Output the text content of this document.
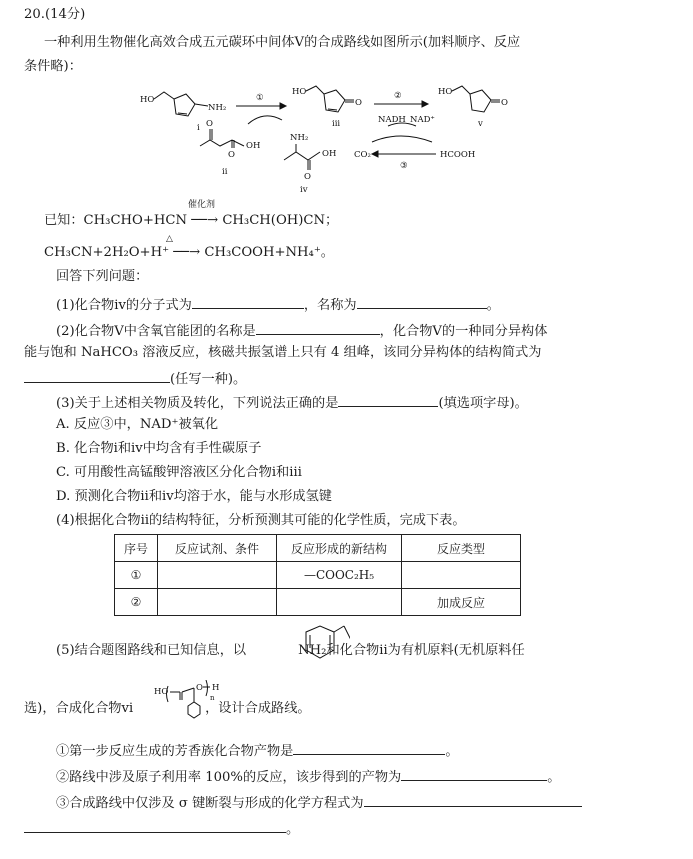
20.(14分)
一种利用生物催化高效合成五元碳环中间体Ⅴ的合成路线如图所示(加料顺序、反应
条件略)：
HO
NH₂
i
①
O
O
OH
ii
NH₂
O
OH
iv
HO
O
iii
②
NADH NAD⁺
CO₂	HCOOH
③
HO
O
v
已知：CH₃CHO+HCN ──→ CH₃CH(OH)CN；
催化剂
CH₃CN+2H₂O+H⁺ ──→ CH₃COOH+NH₄⁺。
△
回答下列问题：
(1)化合物ⅳ的分子式为	，名称为	。
(2)化合物Ⅴ中含氧官能团的名称是	，化合物Ⅴ的一种同分异构体
能与饱和 NaHCO₃ 溶液反应，核磁共振氢谱上只有 4 组峰，该同分异构体的结构简式为
(任写一种)。
(3)关于上述相关物质及转化，下列说法正确的是	(填选项字母)。
A. 反应③中，NAD⁺被氧化
B. 化合物ⅰ和ⅳ中均含有手性碳原子
C. 可用酸性高锰酸钾溶液区分化合物ⅰ和ⅲ
D. 预测化合物ⅱ和ⅳ均溶于水，能与水形成氢键
(4)根据化合物ⅱ的结构特征，分析预测其可能的化学性质，完成下表。
序号	反应试剂、条件	反应形成的新结构	反应类型
①		—COOC₂H₅	
②			加成反应
(5)结合题图路线和已知信息，以	NH₂和化合物ⅱ为有机原料(无机原料任
选)，合成化合物ⅵ	，设计合成路线。
HO	O H
n
①第一步反应生成的芳香族化合物产物是	。
②路线中涉及原子利用率 100%的反应，该步得到的产物为	。
③合成路线中仅涉及 σ 键断裂与形成的化学方程式为
。
